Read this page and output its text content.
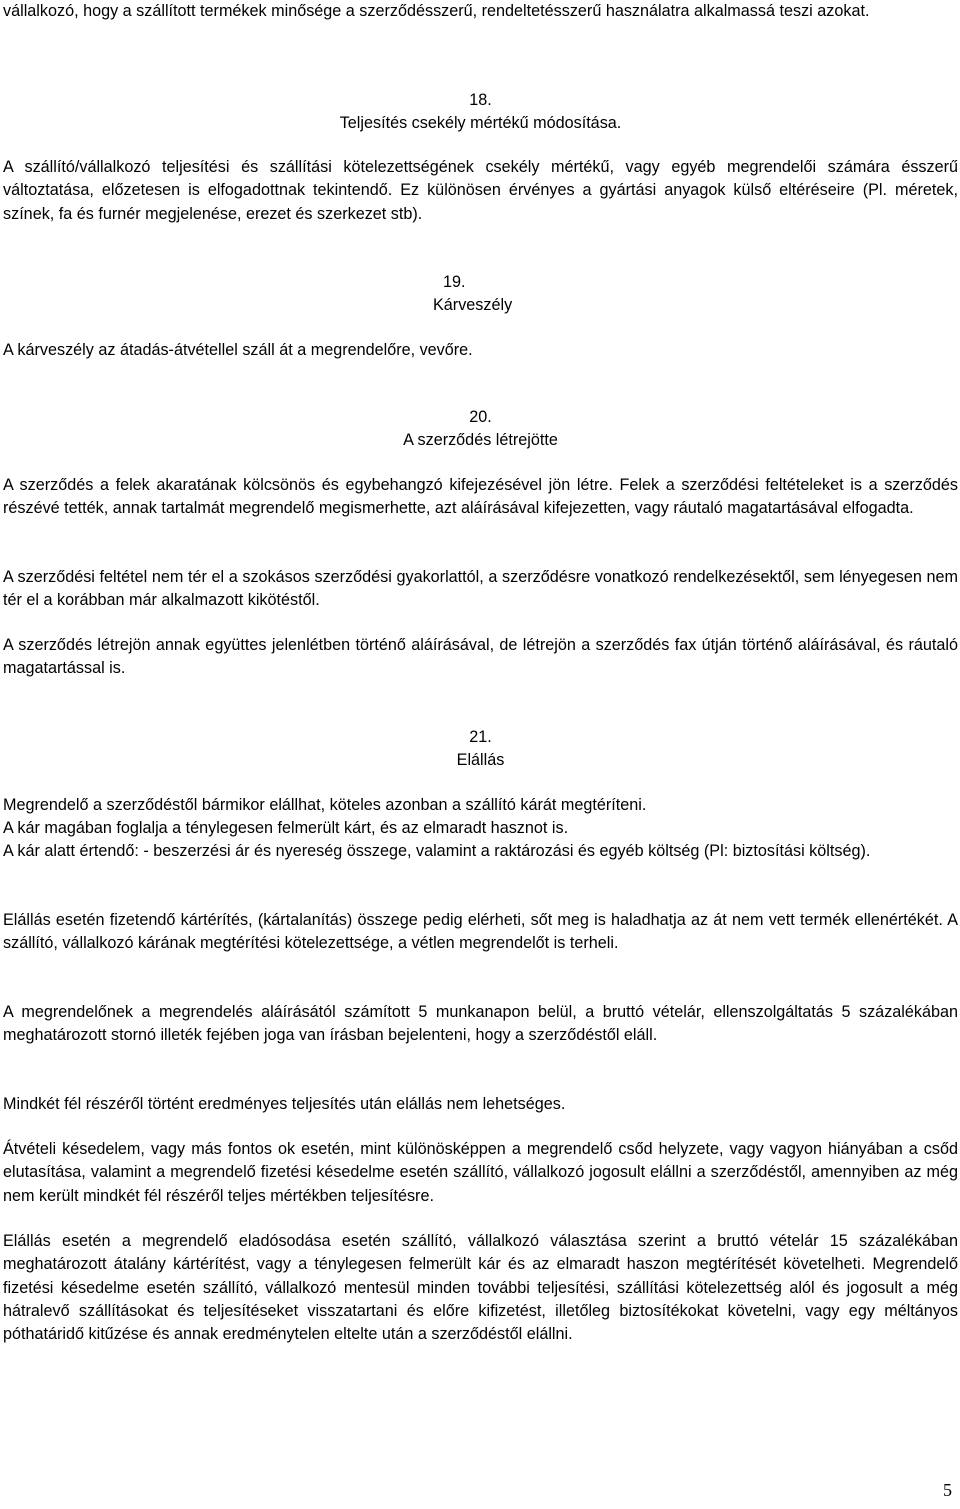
vállalkozó, hogy a szállított termékek minősége a szerződésszerű, rendeltetésszerű használatra alkalmassá teszi azokat.

18.
Teljesítés csekély mértékű módosítása.

A szállító/vállalkozó teljesítési és szállítási kötelezettségének csekély mértékű, vagy egyéb megrendelői számára ésszerű változtatása, előzetesen is elfogadottnak tekintendő. Ez különösen érvényes a gyártási anyagok külső eltéréseire (Pl. méretek, színek, fa és furnér megjelenése, erezet és szerkezet stb).

19.
Kárveszély

A kárveszély az átadás-átvétellel száll át a megrendelőre, vevőre.

20.
A szerződés létrejötte

A szerződés a felek akaratának kölcsönös és egybehangzó kifejezésével jön létre. Felek a szerződési feltételeket is a szerződés részévé tették, annak tartalmát megrendelő megismerhette, azt aláírásával kifejezetten, vagy ráutaló magatartásával elfogadta.

A szerződési feltétel nem tér el a szokásos szerződési gyakorlattól, a szerződésre vonatkozó rendelkezésektől, sem lényegesen nem tér el a korábban már alkalmazott kikötéstől.

A szerződés létrejön annak együttes jelenlétben történő aláírásával, de létrejön a szerződés fax útján történő aláírásával, és ráutaló magatartással is.

21.
Elállás

Megrendelő a szerződéstől bármikor elállhat, köteles azonban a szállító kárát megtéríteni.

A kár magában foglalja a ténylegesen felmerült kárt, és az elmaradt hasznot is.

A kár alatt értendő: - beszerzési ár és nyereség összege, valamint a raktározási és egyéb költség (Pl: biztosítási költség).

Elállás esetén fizetendő kártérítés, (kártalanítás) összege pedig elérheti, sőt meg is haladhatja az át nem vett termék ellenértékét. A szállító, vállalkozó kárának megtérítési kötelezettsége, a vétlen megrendelőt is terheli.

A megrendelőnek a megrendelés aláírásától számított 5 munkanapon belül, a bruttó vételár, ellenszolgáltatás 5 százalékában meghatározott stornó illeték fejében joga van írásban bejelenteni, hogy a szerződéstől eláll.

Mindkét fél részéről történt eredményes teljesítés után elállás nem lehetséges.

Átvételi késedelem, vagy más fontos ok esetén, mint különösképpen a megrendelő csőd helyzete, vagy vagyon hiányában a csőd elutasítása, valamint a megrendelő fizetési késedelme esetén szállító, vállalkozó jogosult elállni a szerződéstől, amennyiben az még nem került mindkét fél részéről teljes mértékben teljesítésre.

Elállás esetén a megrendelő eladósodása esetén szállító, vállalkozó választása szerint a bruttó vételár 15 százalékában meghatározott átalány kártérítést, vagy a ténylegesen felmerült kár és az elmaradt haszon megtérítését követelheti. Megrendelő fizetési késedelme esetén szállító, vállalkozó mentesül minden további teljesítési, szállítási kötelezettség alól és jogosult a még hátralevő szállításokat és teljesítéseket visszatartani és előre kifizetést, illetőleg biztosítékokat követelni, vagy egy méltányos póthatáridő kitűzése és annak eredménytelen eltelte után a szerződéstől elállni.

5
